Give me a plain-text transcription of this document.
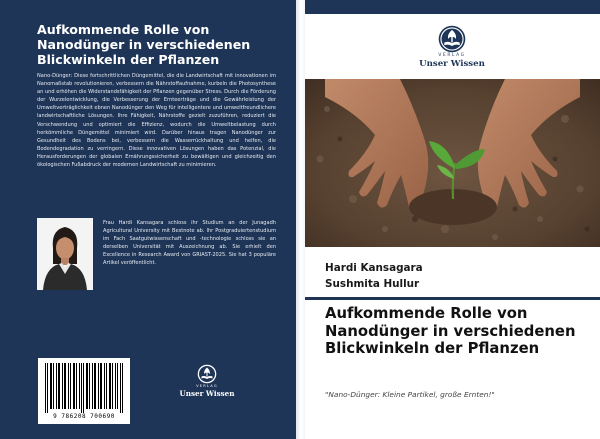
Aufkommende Rolle von Nanodünger in verschiedenen Blickwinkeln der Pflanzen
Nano-Dünger: Diese fortschrittlichen Düngemittel, die die Landwirtschaft mit innovationen im Nanomaßstab revolutionieren, verbessern die Nährstoffaufnahme, kurbeln die Photosynthese an und erhöhen die Widerstandsfähigkeit der Pflanzen gegenüber Stress. Durch die Förderung der Wurzelentwicklung, die Verbesserung der Ernteerträge und die Gewährleistung der Umweltverträglichkeit ebnen Nanodünger den Weg für intelligentere und umweltfreundlichere landwirtschaftliche Lösungen. Ihre Fähigkeit, Nährstoffe gezielt zuzuführen, reduziert die Verschwendung und optimiert die Effizienz, wodurch die Umweltbelastung durch herkömmliche Düngemittel minimiert wird. Darüber hinaus tragen Nanodünger zur Gesundheit des Bodens bei, verbessern die Wasserrückhaltung und helfen, die Bodendegradation zu verringern. Diese innovativen Lösungen haben das Potenzial, die Herausforderungen der globalen Ernährungssicherheit zu bewältigen und gleichzeitig den ökologischen Fußabdruck der modernen Landwirtschaft zu minimieren.
Frau Hardi Kansagara schloss ihr Studium an der Junagadh Agricultural University mit Bestnote ab. Ihr Postgraduiertenstudium im Fach Saatgutwissenschaft und -technologie schloss sie an derselben Universität mit Auszeichnung ab. Sie erhielt den Excellence in Research Award von GRIAST-2025. Sie hat 3 populäre Artikel veröffentlicht.
9 786208 700690
VERLAG
Unser Wissen
VERLAG
Unser Wissen
Hardi Kansagara
Sushmita Hullur
Aufkommende Rolle von Nanodünger in verschiedenen Blickwinkeln der Pflanzen
"Nano-Dünger: Kleine Partikel, große Ernten!"
